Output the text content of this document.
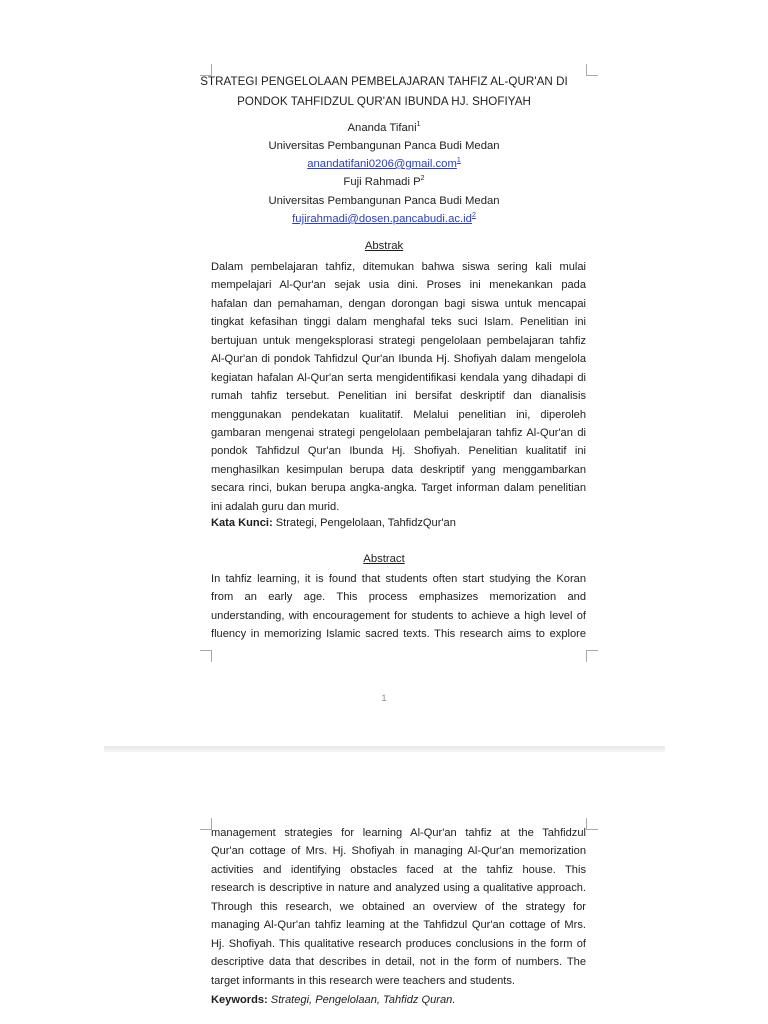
STRATEGI PENGELOLAAN PEMBELAJARAN TAHFIZ AL-QUR'AN DI
PONDOK TAHFIDZUL QUR'AN IBUNDA HJ. SHOFIYAH
Ananda Tifani$^1$
Universitas Pembangunan Panca Budi Medan
anandatifani0206@gmail.com$^1$
Fuji Rahmadi $P^2$
Universitas Pembangunan Panca Budi Medan
$fujirahmadi@dosen.pancabudi.ac.id^2$
Abstrak
Dalam pembelajaran tahfiz, ditemukan bahwa siswa sering kali mulai
mempelajari Al-Qur'an sejak usia dini. Proses ini menekankan pada
hafalan dan pemahaman, dengan dorongan bagi siswa untuk mencapai
tingkat kefasihan tinggi dalam menghafal teks suci Islam. Penelitian ini
bertujuan untuk mengeksplorasi strategi pengelolaan pembelajaran tahfiz
Al-Qur'an di pondok Tahfidzul Qur'an Ibunda Hj. Shofiyah dalam mengelola
kegiatan hafalan Al-Qur'an serta mengidentifikasi kendala yang dihadapi di
rumah tahfiz tersebut. Penelitian ini bersifat deskriptif dan dianalisis
menggunakan pendekatan kualitatif. Melalui penelitian ini, diperoleh
gambaran mengenai strategi pengelolaan pembelajaran tahfiz Al-Qur'an di
pondok Tahfidzul Qur'an Ibunda Hj. Shofiyah. Penelitian kualitatif ini
menghasilkan kesimpulan berupa data deskriptif yang menggambarkan
secara rinci, bukan berupa angka-angka. Target informan dalam penelitian
ini adalah guru dan murid.
Kata Kunci: Strategi, Pengelolaan, TahfidzQur'an
Abstract
In tahfiz learning, it is found that students often start studying the Koran
from an early age. This process emphasizes memorization and
understanding, with encouragement for students to achieve a high level of
fluency in memorizing Islamic sacred texts. This research aims to explore
1
management strategies for learning Al-Qur'an tahfiz at the Tahfidzul
Qur'an cottage of Mrs. Hj. Shofiyah in managing Al-Qur'an memorization
activities and identifying obstacles faced at the tahfiz house. This
research is descriptive in nature and analyzed using a qualitative approach.
Through this research, we obtained an overview of the strategy for
managing Al-Qur'an tahfiz leaming at the Tahfidzul Qur'an cottage of Mrs.
Hj. Shofiyah. This qualitative research produces conclusions in the form of
descriptive data that describes in detail, not in the form of numbers. The
target informants in this research were teachers and students.
Keywords: Strategi, Pengelolaan, Tahfidz Quran.
